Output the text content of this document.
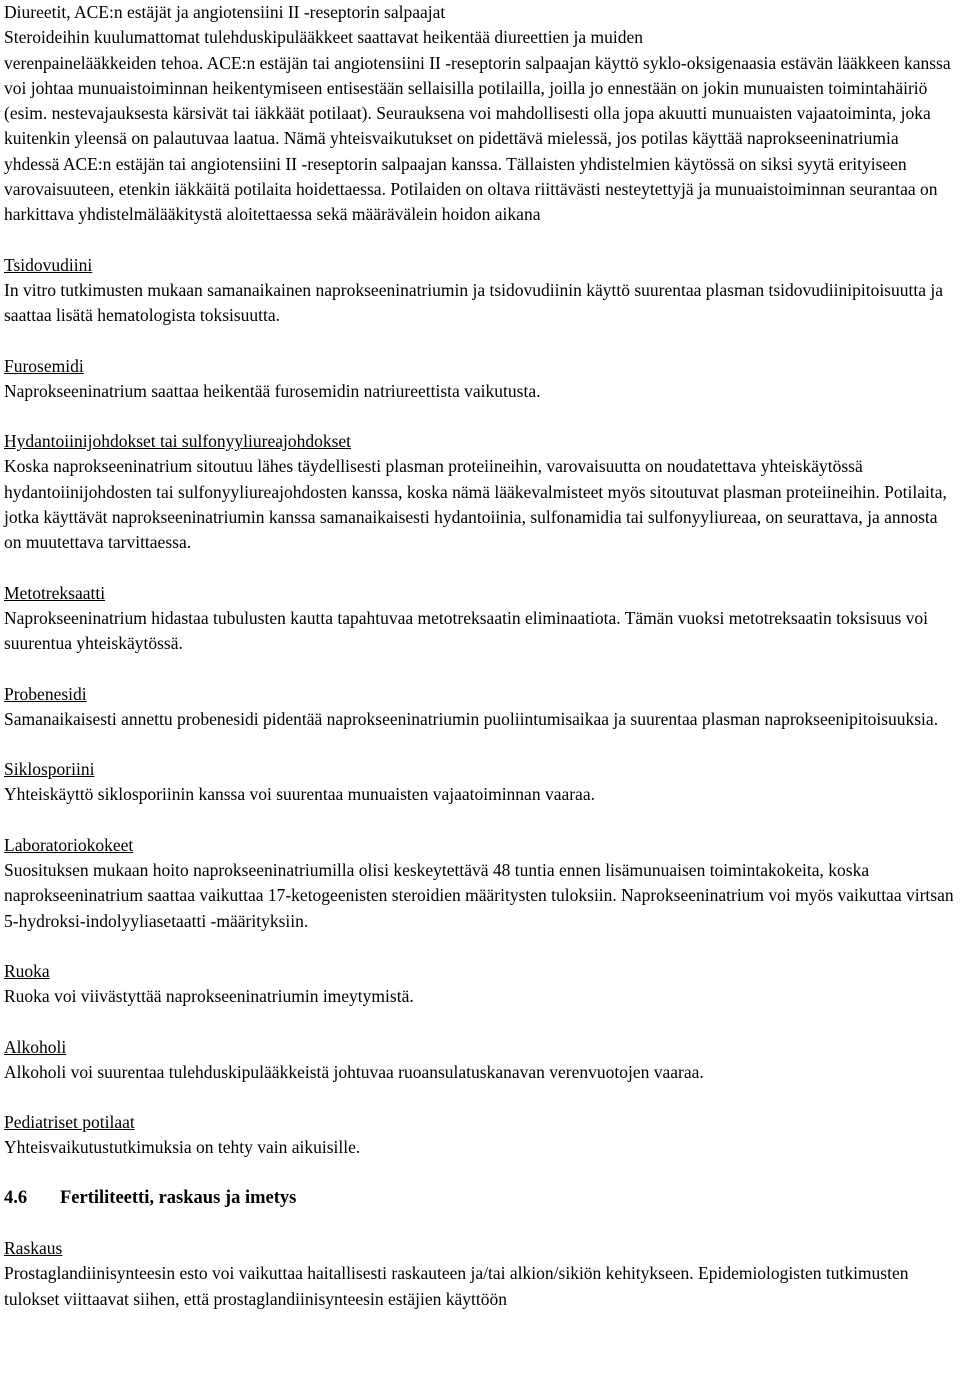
Diureetit, ACE:n estäjät ja angiotensiini II -reseptorin salpaajat
Steroideihin kuulumattomat tulehduskipulääkkeet saattavat heikentää diureettien ja muiden

verenpainelääkkeiden tehoa. ACE:n estäjän tai angiotensiini II -reseptorin salpaajan käyttö syklo-oksigenaasia estävän lääkkeen kanssa voi johtaa munuaistoiminnan heikentymiseen entisestään sellaisilla potilailla, joilla jo ennestään on jokin munuaisten toimintahäiriö (esim. nestevajauksesta kärsivät tai iäkkäät potilaat). Seurauksena voi mahdollisesti olla jopa akuutti munuaisten vajaatoiminta, joka kuitenkin yleensä on palautuvaa laatua. Nämä yhteisvaikutukset on pidettävä mielessä, jos potilas käyttää naprokseeninatriumia yhdessä ACE:n estäjän tai angiotensiini II -reseptorin salpaajan kanssa. Tällaisten yhdistelmien käytössä on siksi syytä erityiseen varovaisuuteen, etenkin iäkkäitä potilaita hoidettaessa. Potilaiden on oltava riittävästi nesteytettyjä ja munuaistoiminnan seurantaa on harkittava yhdistelmälääkitystä aloitettaessa sekä määrävälein hoidon aikana

Tsidovudiini

In vitro tutkimusten mukaan samanaikainen naprokseeninatriumin ja tsidovudiinin käyttö suurentaa plasman tsidovudiinipitoisuutta ja saattaa lisätä hematologista toksisuutta.

Furosemidi

Naprokseeninatrium saattaa heikentää furosemidin natriureettista vaikutusta.

Hydantoiinijohdokset tai sulfonyyliureajohdokset

Koska naprokseeninatrium sitoutuu lähes täydellisesti plasman proteiineihin, varovaisuutta on noudatettava yhteiskäytössä hydantoiinijohdosten tai sulfonyyliureajohdosten kanssa, koska nämä lääkevalmisteet myös sitoutuvat plasman proteiineihin. Potilaita, jotka käyttävät naprokseeninatriumin kanssa samanaikaisesti hydantoiinia, sulfonamidia tai sulfonyyliureaa, on seurattava, ja annosta on muutettava tarvittaessa.

Metotreksaatti

Naprokseeninatrium hidastaa tubulusten kautta tapahtuvaa metotreksaatin eliminaatiota. Tämän vuoksi metotreksaatin toksisuus voi suurentua yhteiskäytössä.

Probenesidi

Samanaikaisesti annettu probenesidi pidentää naprokseeninatriumin puoliintumisaikaa ja suurentaa plasman naprokseenipitoisuuksia.

Siklosporiini

Yhteiskäyttö siklosporiinin kanssa voi suurentaa munuaisten vajaatoiminnan vaaraa.

Laboratoriokokeet

Suosituksen mukaan hoito naprokseeninatriumilla olisi keskeytettävä 48 tuntia ennen lisämunuaisen toimintakokeita, koska naprokseeninatrium saattaa vaikuttaa 17-ketogeenisten steroidien määritysten tuloksiin. Naprokseeninatrium voi myös vaikuttaa virtsan 5-hydroksi-indolyyliasetaatti -määrityksiin.

Ruoka

Ruoka voi viivästyttää naprokseeninatriumin imeytymistä.

Alkoholi

Alkoholi voi suurentaa tulehduskipulääkkeistä johtuvaa ruoansulatuskanavan verenvuotojen vaaraa.

Pediatriset potilaat

Yhteisvaikutustutkimuksia on tehty vain aikuisille.

4.6 Fertiliteetti, raskaus ja imetys
Raskaus

Prostaglandiinisynteesin esto voi vaikuttaa haitallisesti raskauteen ja/tai alkion/sikiön kehitykseen. Epidemiologisten tutkimusten tulokset viittaavat siihen, että prostaglandiinisynteesin estäjien käyttöön
